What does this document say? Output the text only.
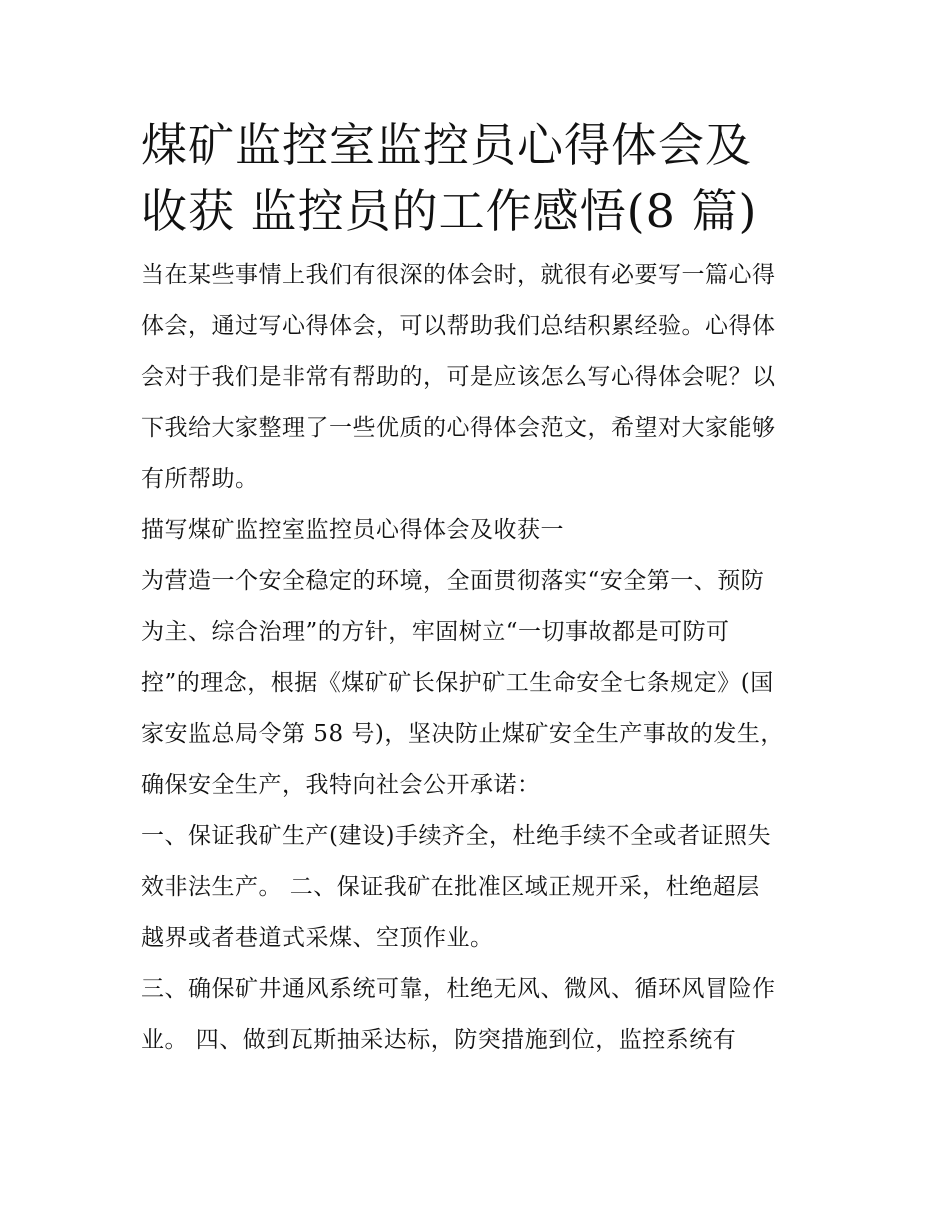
煤矿监控室监控员心得体会及
收获 监控员的工作感悟(8 篇)
当在某些事情上我们有很深的体会时，就很有必要写一篇心得
体会，通过写心得体会，可以帮助我们总结积累经验。心得体
会对于我们是非常有帮助的，可是应该怎么写心得体会呢？以
下我给大家整理了一些优质的心得体会范文，希望对大家能够
有所帮助。
描写煤矿监控室监控员心得体会及收获一
为营造一个安全稳定的环境，全面贯彻落实“安全第一、预防
为主、综合治理”的方针，牢固树立“一切事故都是可防可
控”的理念，根据《煤矿矿长保护矿工生命安全七条规定》(国
家安监总局令第 58 号)，坚决防止煤矿安全生产事故的发生，
确保安全生产，我特向社会公开承诺：
一、保证我矿生产(建设)手续齐全，杜绝手续不全或者证照失
效非法生产。 二、保证我矿在批准区域正规开采，杜绝超层
越界或者巷道式采煤、空顶作业。
三、确保矿井通风系统可靠，杜绝无风、微风、循环风冒险作
业。 四、做到瓦斯抽采达标，防突措施到位，监控系统有
